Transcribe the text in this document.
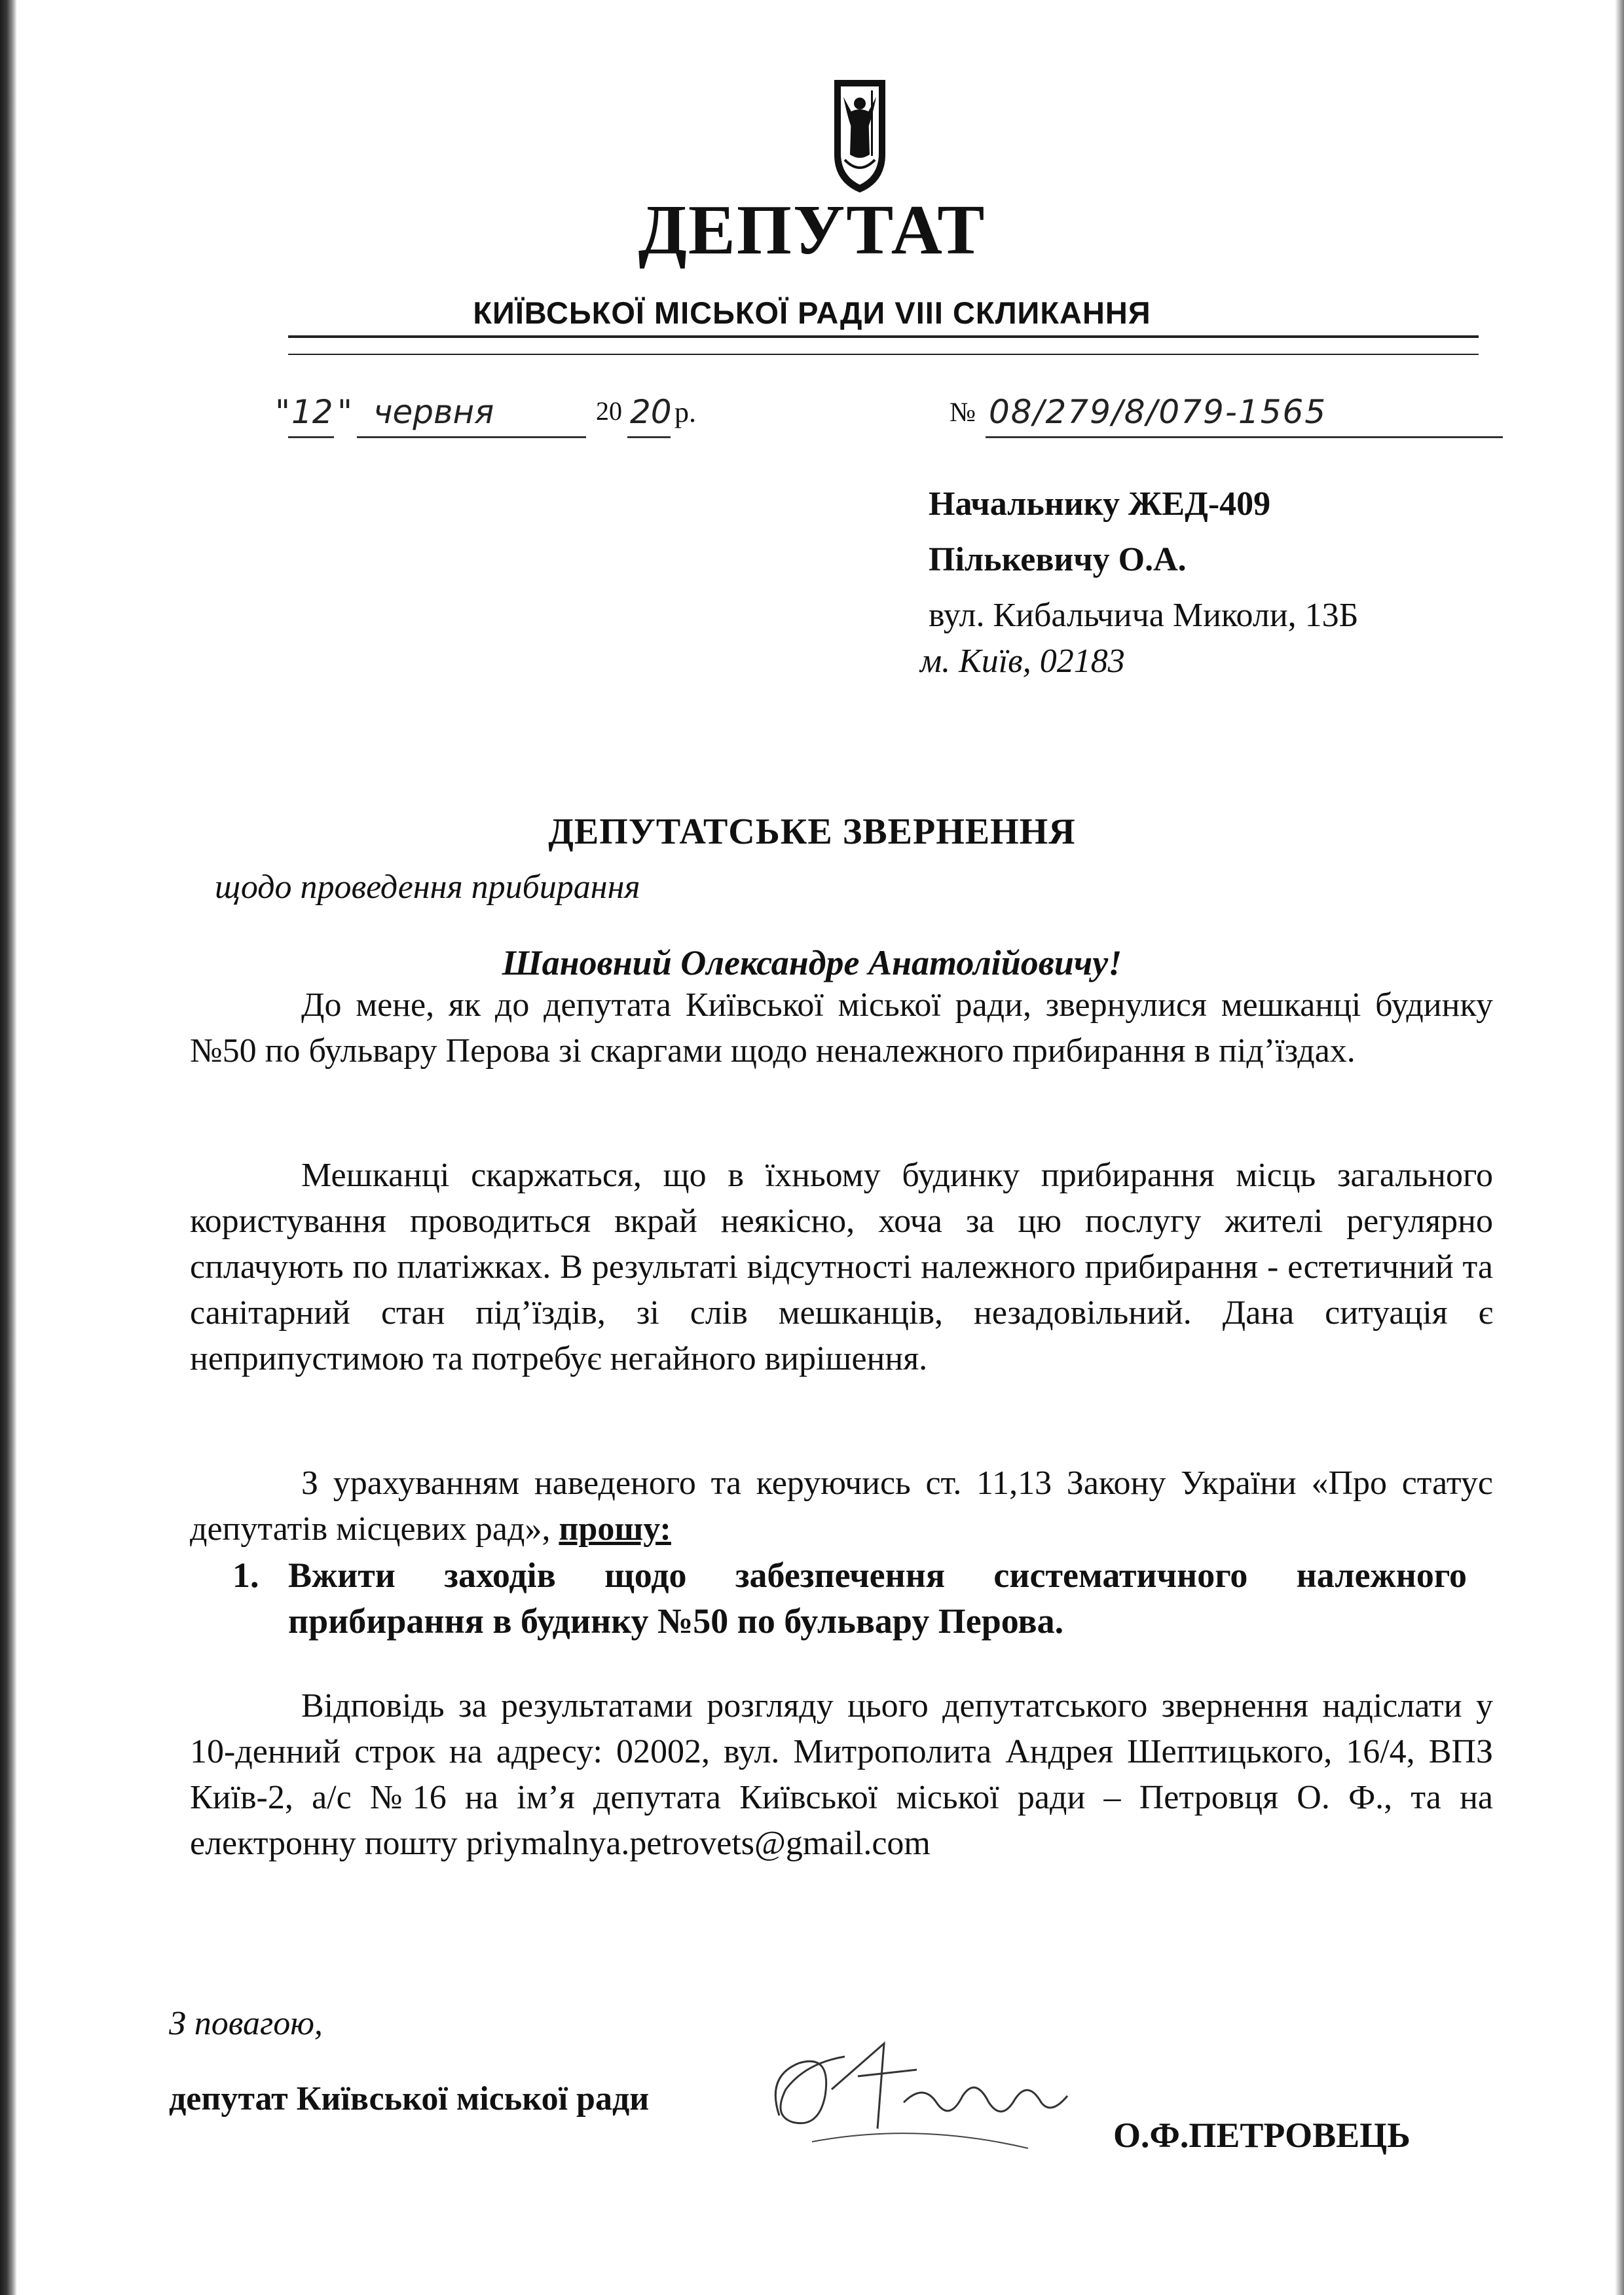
ДЕПУТАТ
КИЇВСЬКОЇ МІСЬКОЇ РАДИ VIII СКЛИКАННЯ
" 12 " червня	20 20 р.	№ 08/279/8/079-1565
Начальнику ЖЕД-409
Пількевичу О.А.
вул. Кибальчича Миколи, 13Б
м. Київ, 02183
ДЕПУТАТСЬКЕ ЗВЕРНЕННЯ
щодо проведення прибирання
Шановний Олександре Анатолійовичу!
До мене, як до депутата Київської міської ради, звернулися мешканці будинку №50 по бульвару Перова зі скаргами щодо неналежного прибирання в під’їздах.
Мешканці скаржаться, що в їхньому будинку прибирання місць загального користування проводиться вкрай неякісно, хоча за цю послугу жителі регулярно сплачують по платіжках. В результаті відсутності належного прибирання - естетичний та санітарний стан під’їздів, зі слів мешканців, незадовільний. Дана ситуація є неприпустимою та потребує негайного вирішення.
З урахуванням наведеного та керуючись ст. 11,13 Закону України «Про статус депутатів місцевих рад», прошу:
1. Вжити заходів щодо забезпечення систематичного належного прибирання в будинку №50 по бульвару Перова.
Відповідь за результатами розгляду цього депутатського звернення надіслати у 10-денний строк на адресу: 02002, вул. Митрополита Андрея Шептицького, 16/4, ВПЗ Київ-2, а/с №16 на ім’я депутата Київської міської ради – Петровця О. Ф., та на електронну пошту priymalnya.petrovets@gmail.com
З повагою,
депутат Київської міської ради
О.Ф.ПЕТРОВЕЦЬ
